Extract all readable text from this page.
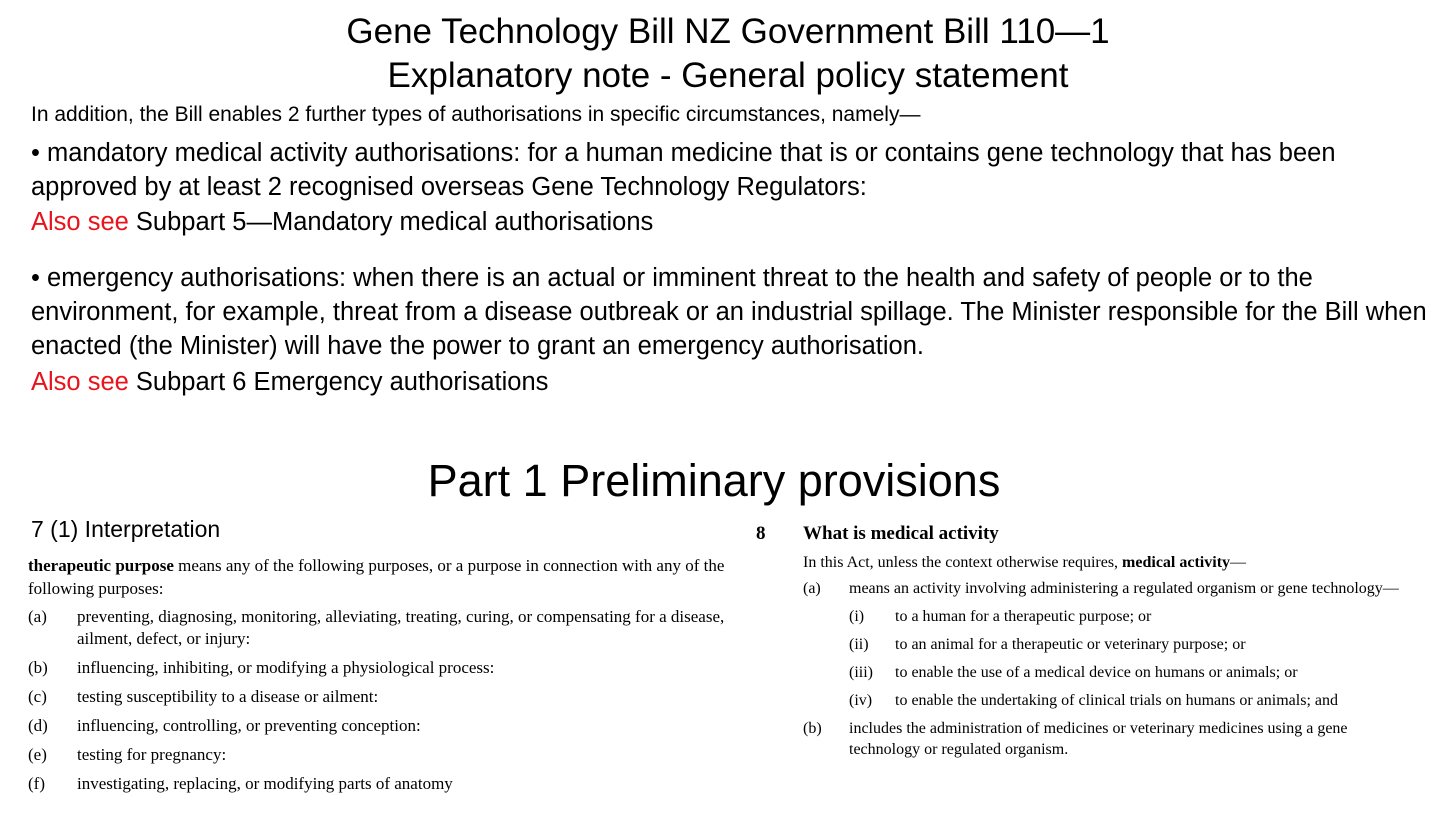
Gene Technology Bill NZ Government Bill 110—1
Explanatory note - General policy statement
In addition, the Bill enables 2 further types of authorisations in specific circumstances, namely—
• mandatory medical activity authorisations: for a human medicine that is or contains gene technology that has been approved by at least 2 recognised overseas Gene Technology Regulators:
Also see Subpart 5—Mandatory medical authorisations
• emergency authorisations: when there is an actual or imminent threat to the health and safety of people or to the environment, for example, threat from a disease outbreak or an industrial spillage. The Minister responsible for the Bill when enacted (the Minister) will have the power to grant an emergency authorisation.
Also see Subpart 6 Emergency authorisations
Part 1 Preliminary provisions
7 (1) Interpretation
therapeutic purpose means any of the following purposes, or a purpose in connection with any of the following purposes:
(a)	preventing, diagnosing, monitoring, alleviating, treating, curing, or compensating for a disease, ailment, defect, or injury:
(b)	influencing, inhibiting, or modifying a physiological process:
(c)	testing susceptibility to a disease or ailment:
(d)	influencing, controlling, or preventing conception:
(e)	testing for pregnancy:
(f)	investigating, replacing, or modifying parts of anatomy
8	What is medical activity
In this Act, unless the context otherwise requires, medical activity—
(a)	means an activity involving administering a regulated organism or gene technology—
(i)	to a human for a therapeutic purpose; or
(ii)	to an animal for a therapeutic or veterinary purpose; or
(iii)	to enable the use of a medical device on humans or animals; or
(iv)	to enable the undertaking of clinical trials on humans or animals; and
(b)	includes the administration of medicines or veterinary medicines using a gene technology or regulated organism.
